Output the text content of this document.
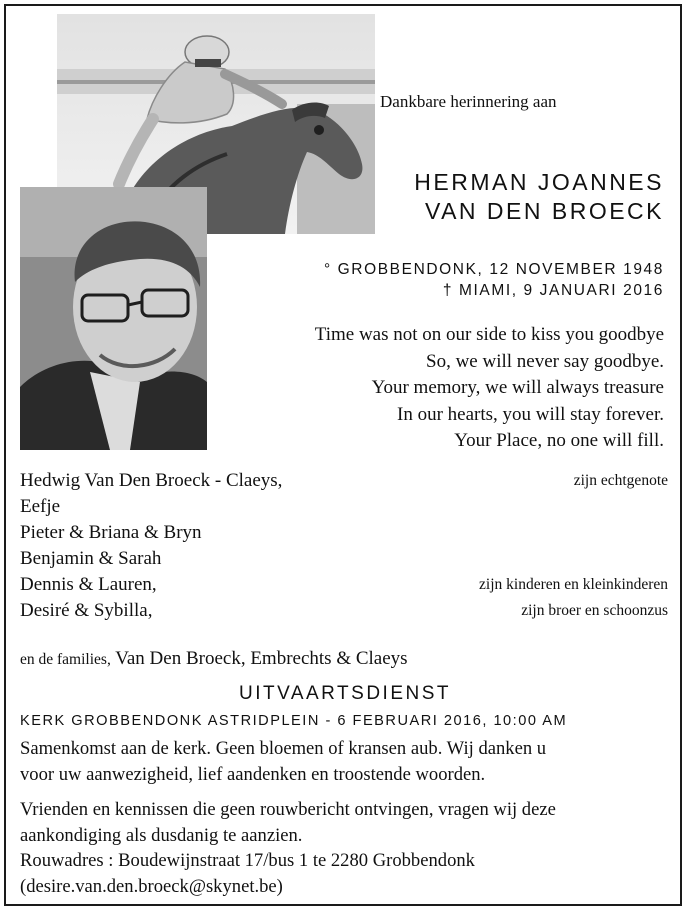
Dankbare herinnering aan
HERMAN JOANNES
VAN DEN BROECK
° GROBBENDONK, 12 NOVEMBER 1948
† MIAMI, 9 JANUARI 2016
Time was not on our side to kiss you goodbye
So, we will never say goodbye.
Your memory, we will always treasure
In our hearts, you will stay forever.
Your Place, no one will fill.
Hedwig Van Den Broeck - Claeys,	zijn echtgenote
Eefje
Pieter & Briana & Bryn
Benjamin & Sarah
Dennis & Lauren,	zijn kinderen en kleinkinderen
Desiré & Sybilla,	zijn broer en schoonzus
en de families, Van Den Broeck, Embrechts & Claeys
UITVAARTSDIENST
KERK GROBBENDONK ASTRIDPLEIN - 6 FEBRUARI 2016, 10:00 AM
Samenkomst aan de kerk. Geen bloemen of kransen aub. Wij danken u
voor uw aanwezigheid, lief aandenken en troostende woorden.
Vrienden en kennissen die geen rouwbericht ontvingen, vragen wij deze
aankondiging als dusdanig te aanzien.
Rouwadres : Boudewijnstraat 17/bus 1 te 2280 Grobbendonk
(desire.van.den.broeck@skynet.be)
